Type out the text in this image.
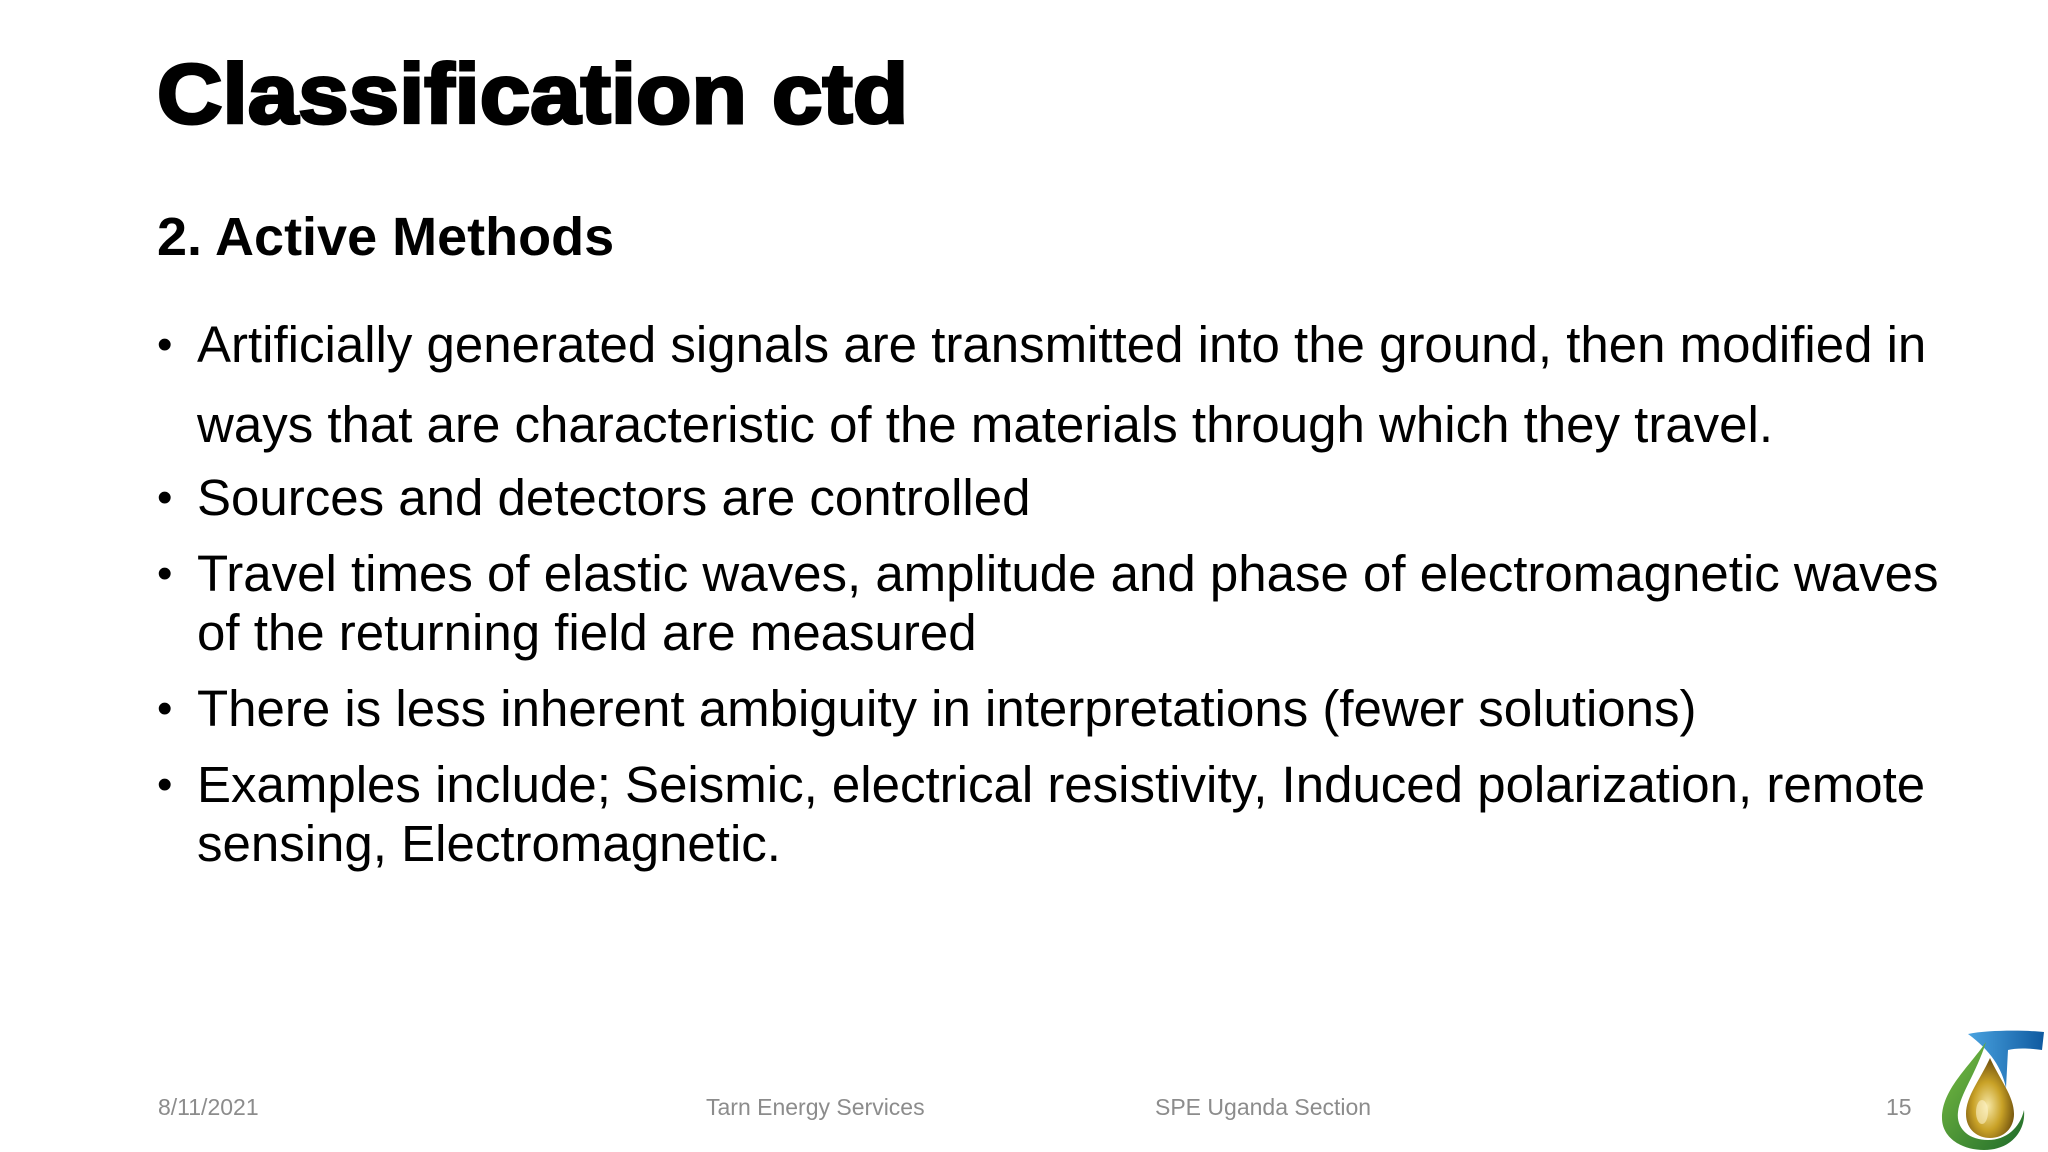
Classification ctd
2. Active Methods
• Artificially generated signals are transmitted into the ground, then modified in ways that are characteristic of the materials through which they travel.
• Sources and detectors are controlled
• Travel times of elastic waves, amplitude and phase of electromagnetic waves of the returning field are measured
• There is less inherent ambiguity in interpretations (fewer solutions)
• Examples include; Seismic, electrical resistivity, Induced polarization, remote sensing, Electromagnetic.
8/11/2021	Tarn Energy Services	SPE Uganda Section	15
